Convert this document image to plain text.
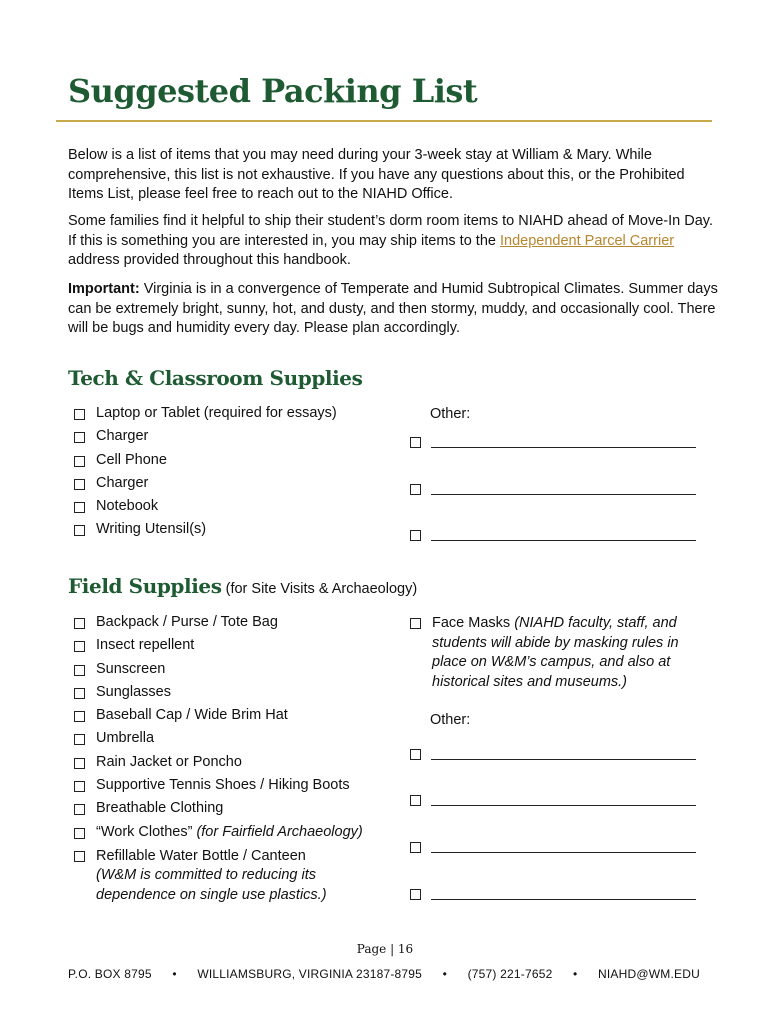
Suggested Packing List

Below is a list of items that you may need during your 3-week stay at William & Mary. While comprehensive, this list is not exhaustive. If you have any questions about this, or the Prohibited Items List, please feel free to reach out to the NIAHD Office.

Some families find it helpful to ship their student’s dorm room items to NIAHD ahead of Move-In Day. If this is something you are interested in, you may ship items to the Independent Parcel Carrier address provided throughout this handbook.

Important: Virginia is in a convergence of Temperate and Humid Subtropical Climates. Summer days can be extremely bright, sunny, hot, and dusty, and then stormy, muddy, and occasionally cool. There will be bugs and humidity every day. Please plan accordingly.

Tech & Classroom Supplies
Laptop or Tablet (required for essays)
Charger
Cell Phone
Charger
Notebook
Writing Utensil(s)
Other:
Field Supplies (for Site Visits & Archaeology)
Backpack / Purse / Tote Bag
Insect repellent
Sunscreen
Sunglasses
Baseball Cap / Wide Brim Hat
Umbrella
Rain Jacket or Poncho
Supportive Tennis Shoes / Hiking Boots
Breathable Clothing
“Work Clothes” (for Fairfield Archaeology)
Refillable Water Bottle / Canteen
(W&M is committed to reducing its dependence on single use plastics.)
Face Masks (NIAHD faculty, staff, and students will abide by masking rules in place on W&M’s campus, and also at historical sites and museums.)
Other:
Page | 16
P.O. BOX 8795 • WILLIAMSBURG, VIRGINIA 23187-8795 • (757) 221-7652 • NIAHD@WM.EDU
